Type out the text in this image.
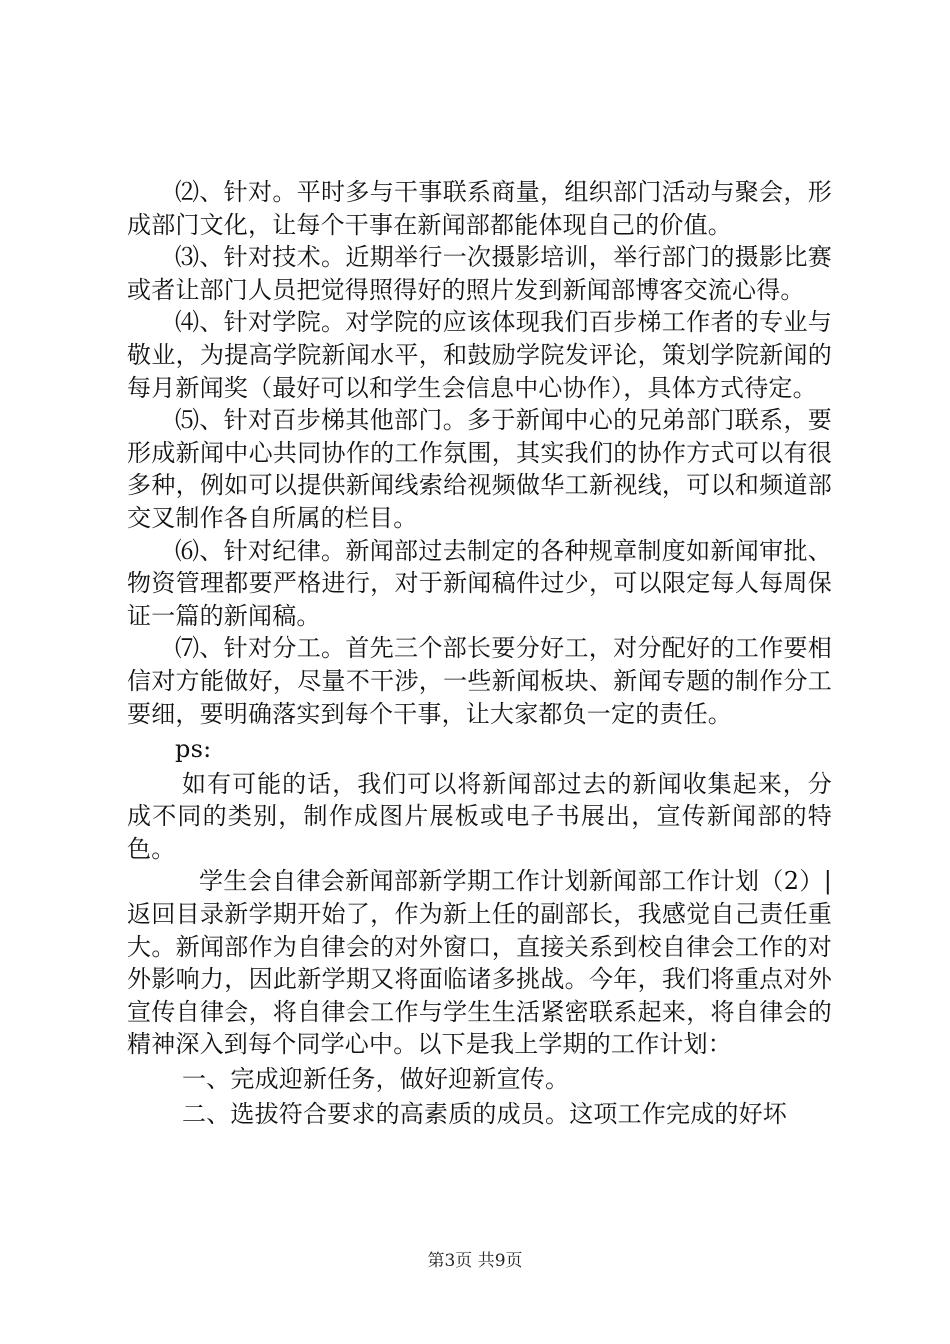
⑵、针对。平时多与干事联系商量，组织部门活动与聚会，形成部门文化，让每个干事在新闻部都能体现自己的价值。

⑶、针对技术。近期举行一次摄影培训，举行部门的摄影比赛或者让部门人员把觉得照得好的照片发到新闻部博客交流心得。

⑷、针对学院。对学院的应该体现我们百步梯工作者的专业与敬业，为提高学院新闻水平，和鼓励学院发评论，策划学院新闻的每月新闻奖（最好可以和学生会信息中心协作），具体方式待定。

⑸、针对百步梯其他部门。多于新闻中心的兄弟部门联系，要形成新闻中心共同协作的工作氛围，其实我们的协作方式可以有很多种，例如可以提供新闻线索给视频做华工新视线，可以和频道部交叉制作各自所属的栏目。

⑹、针对纪律。新闻部过去制定的各种规章制度如新闻审批、物资管理都要严格进行，对于新闻稿件过少，可以限定每人每周保证一篇的新闻稿。

⑺、针对分工。首先三个部长要分好工，对分配好的工作要相信对方能做好，尽量不干涉，一些新闻板块、新闻专题的制作分工要细，要明确落实到每个干事，让大家都负一定的责任。

ps:

如有可能的话，我们可以将新闻部过去的新闻收集起来，分成不同的类别，制作成图片展板或电子书展出，宣传新闻部的特色。

学生会自律会新闻部新学期工作计划新闻部工作计划（2）|返回目录新学期开始了，作为新上任的副部长，我感觉自己责任重大。新闻部作为自律会的对外窗口，直接关系到校自律会工作的对外影响力，因此新学期又将面临诸多挑战。今年，我们将重点对外宣传自律会，将自律会工作与学生生活紧密联系起来，将自律会的精神深入到每个同学心中。以下是我上学期的工作计划：

一、完成迎新任务，做好迎新宣传。

二、选拔符合要求的高素质的成员。这项工作完成的好坏

第3页 共9页
